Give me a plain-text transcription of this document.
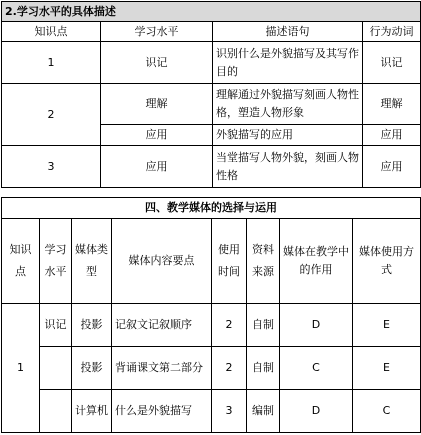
2.学习水平的具体描述			
知识点	学习水平	描述语句	行为动词
1	识记	识别什么是外貌描写及其写作目的	识记
2	理解	理解通过外貌描写刻画人物性格，塑造人物形象	理解
	应用	外貌描写的应用	应用
3	应用	当堂描写人物外貌，刻画人物性格	应用
四、教学媒体的选择与运用							
知识点	学习水平	媒体类型	媒体内容要点	使用时间	资料来源	媒体在教学中的作用	媒体使用方式
1	识记	投影	记叙文记叙顺序	2	自制	D	E
		投影	背诵课文第二部分	2	自制	C	E
		计算机	什么是外貌描写	3	编制	D	C
